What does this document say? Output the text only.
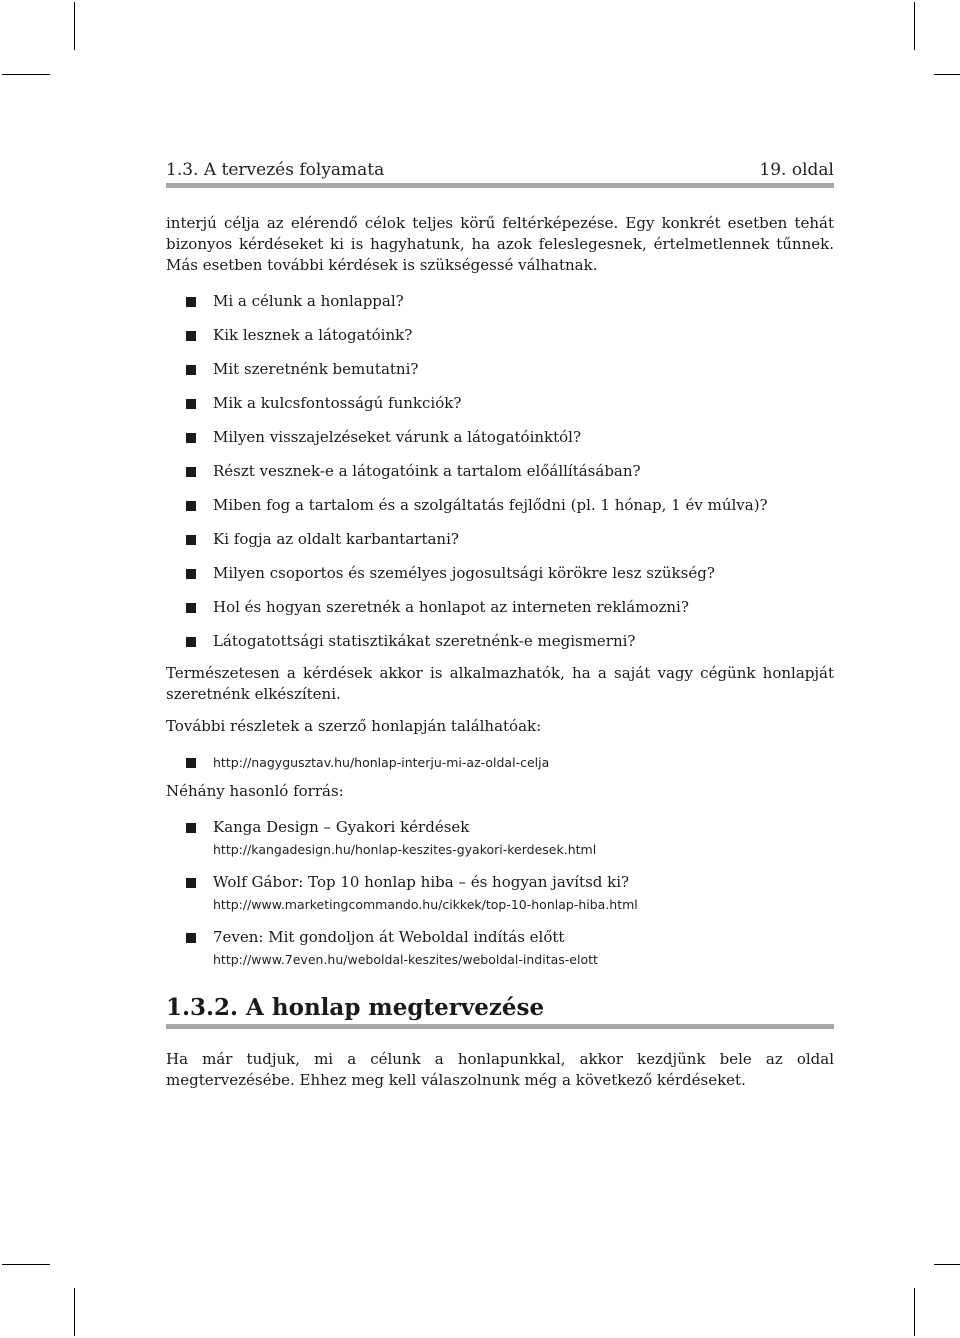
1.3. A tervezés folyamata	19. oldal

interjú célja az elérendő célok teljes körű feltérképezése. Egy konkrét esetben tehát bizonyos kérdéseket ki is hagyhatunk, ha azok feleslegesnek, értelmetlennek tűnnek. Más esetben további kérdések is szükségessé válhatnak.

Mi a célunk a honlappal?
Kik lesznek a látogatóink?
Mit szeretnénk bemutatni?
Mik a kulcsfontosságú funkciók?
Milyen visszajelzéseket várunk a látogatóinktól?
Részt vesznek-e a látogatóink a tartalom előállításában?
Miben fog a tartalom és a szolgáltatás fejlődni (pl. 1 hónap, 1 év múlva)?
Ki fogja az oldalt karbantartani?
Milyen csoportos és személyes jogosultsági körökre lesz szükség?
Hol és hogyan szeretnék a honlapot az interneten reklámozni?
Látogatottsági statisztikákat szeretnénk-e megismerni?

Természetesen a kérdések akkor is alkalmazhatók, ha a saját vagy cégünk honlapját szeretnénk elkészíteni.

További részletek a szerző honlapján találhatóak:

http://nagygusztav.hu/honlap-interju-mi-az-oldal-celja

Néhány hasonló forrás:

Kanga Design – Gyakori kérdések
http://kangadesign.hu/honlap-keszites-gyakori-kerdesek.html
Wolf Gábor: Top 10 honlap hiba – és hogyan javítsd ki?
http://www.marketingcommando.hu/cikkek/top-10-honlap-hiba.html
7even: Mit gondoljon át Weboldal indítás előtt
http://www.7even.hu/weboldal-keszites/weboldal-inditas-elott
1.3.2. A honlap megtervezése

Ha már tudjuk, mi a célunk a honlapunkkal, akkor kezdjünk bele az oldal megtervezésébe. Ehhez meg kell válaszolnunk még a következő kérdéseket.
